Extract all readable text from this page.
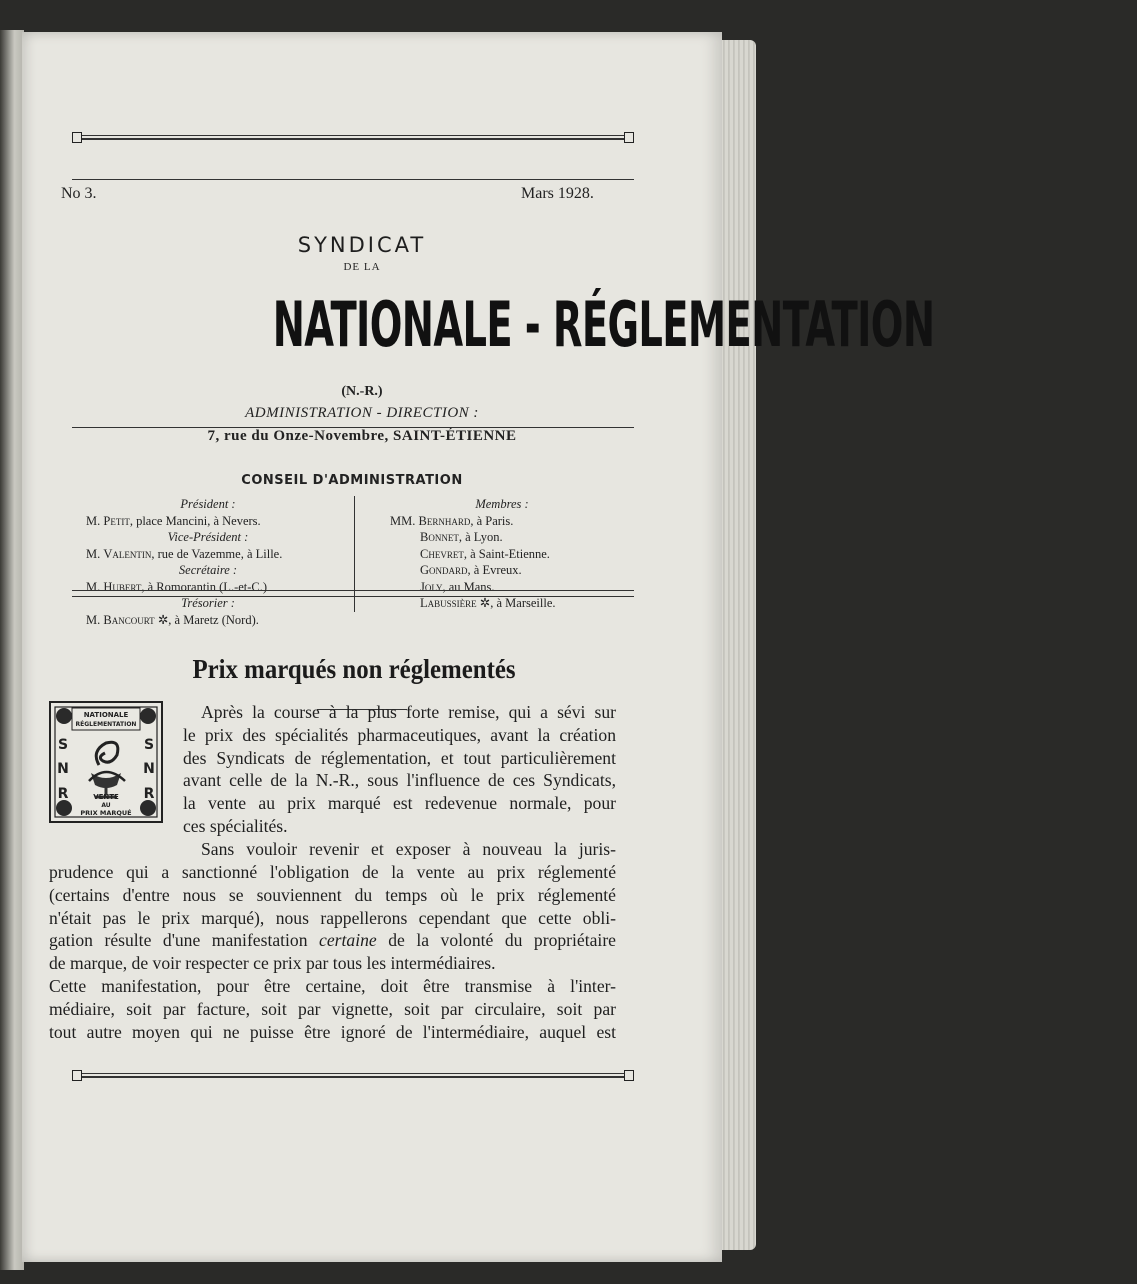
No 3.	Mars 1928.
SYNDICAT
DE LA
NATIONALE - RÉGLEMENTATION
(N.-R.)
ADMINISTRATION - DIRECTION :
7, rue du Onze-Novembre, SAINT-ÉTIENNE
CONSEIL D'ADMINISTRATION
Président :
M. Petit, place Mancini, à Nevers.
Vice-Président :
M. Valentin, rue de Vazemme, à Lille.
Secrétaire :
M. Hubert, à Romorantin (L.-et-C.)
Trésorier :
M. Bancourt ✲, à Maretz (Nord).
Membres :
MM. Bernhard, à Paris.
Bonnet, à Lyon.
Chevret, à Saint-Etienne.
Gondard, à Evreux.
Joly, au Mans.
Labussière ✲, à Marseille.
Prix marqués non réglementés
NATIONALE
RÉGLEMENTATION
S
N
R
S
N
R
VENTE
AU
PRIX MARQUÉ
Après la course à la plus forte remise, qui a sévi sur
le prix des spécialités pharmaceutiques, avant la création
des Syndicats de réglementation, et tout particulièrement
avant celle de la N.-R., sous l'influence de ces Syndicats,
la vente au prix marqué est redevenue normale, pour
ces spécialités.
Sans vouloir revenir et exposer à nouveau la juris-
prudence qui a sanctionné l'obligation de la vente au prix réglementé
(certains d'entre nous se souviennent du temps où le prix réglementé
n'était pas le prix marqué), nous rappellerons cependant que cette obli-
gation résulte d'une manifestation certaine de la volonté du propriétaire
de marque, de voir respecter ce prix par tous les intermédiaires.
Cette manifestation, pour être certaine, doit être transmise à l'inter-
médiaire, soit par facture, soit par vignette, soit par circulaire, soit par
tout autre moyen qui ne puisse être ignoré de l'intermédiaire, auquel est
